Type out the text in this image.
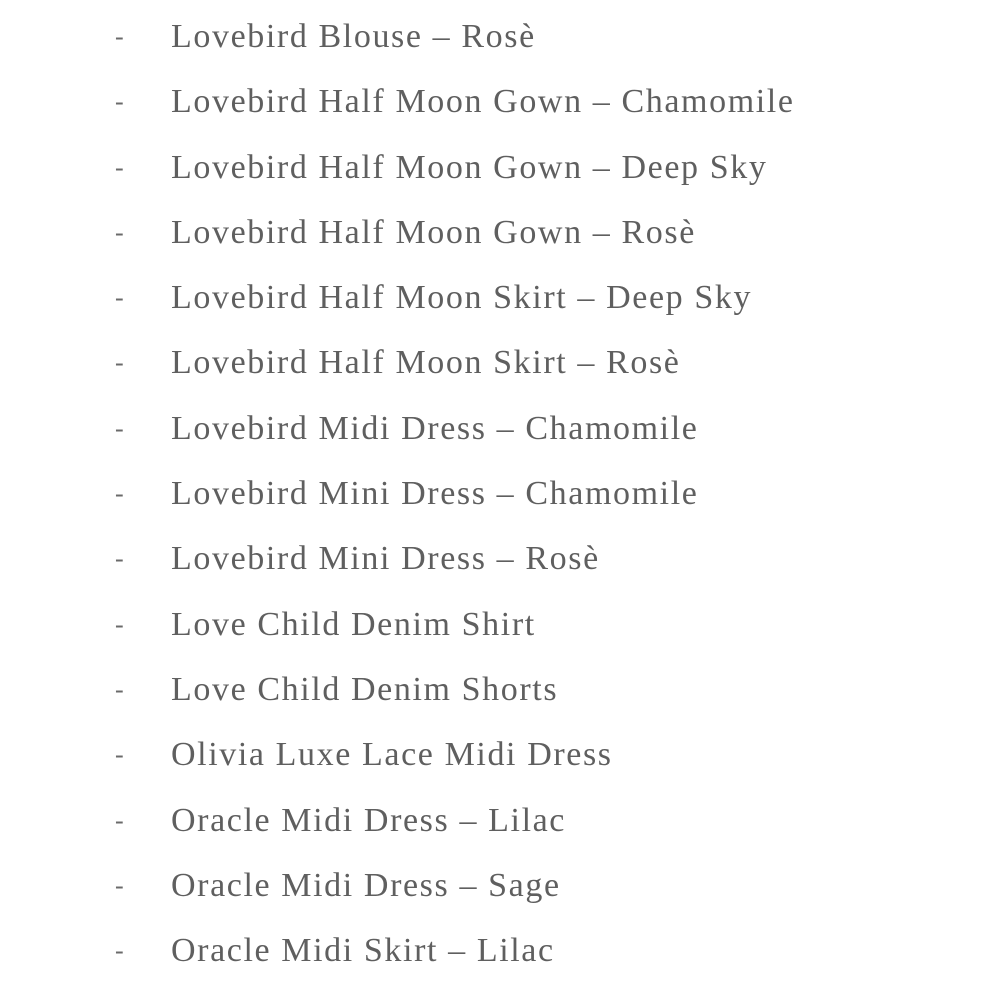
- Lovebird Blouse – Rosè
- Lovebird Half Moon Gown – Chamomile
- Lovebird Half Moon Gown – Deep Sky
- Lovebird Half Moon Gown – Rosè
- Lovebird Half Moon Skirt – Deep Sky
- Lovebird Half Moon Skirt – Rosè
- Lovebird Midi Dress – Chamomile
- Lovebird Mini Dress – Chamomile
- Lovebird Mini Dress – Rosè
- Love Child Denim Shirt
- Love Child Denim Shorts
- Olivia Luxe Lace Midi Dress
- Oracle Midi Dress – Lilac
- Oracle Midi Dress – Sage
- Oracle Midi Skirt – Lilac
